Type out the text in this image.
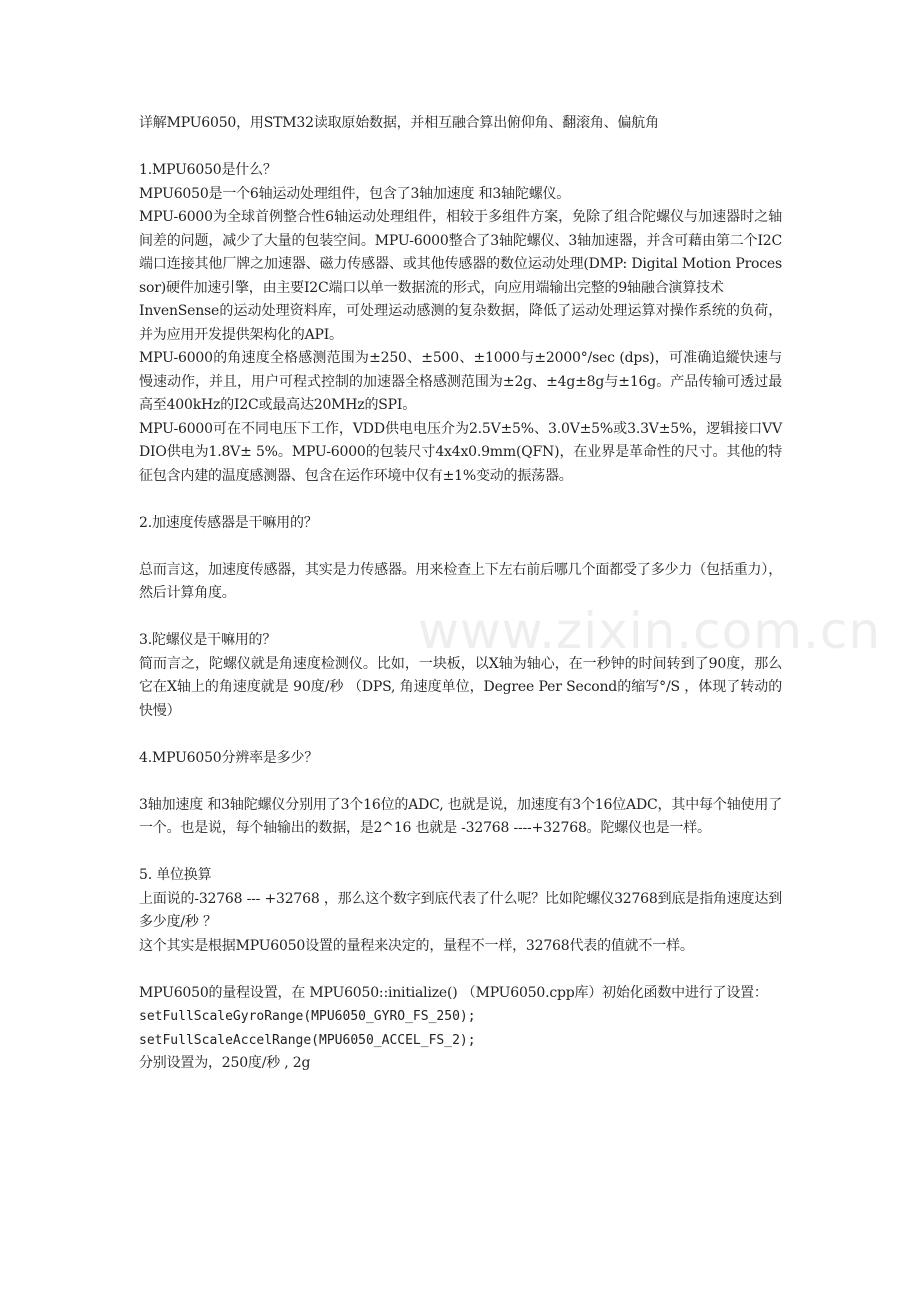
详解MPU6050，用STM32读取原始数据，并相互融合算出俯仰角、翻滚角、偏航角

1.MPU6050是什么？

MPU6050是一个6轴运动处理组件，包含了3轴加速度 和3轴陀螺仪。

MPU-6000为全球首例整合性6轴运动处理组件，相较于多组件方案，免除了组合陀螺仪与加速器时之轴间差的问题，减少了大量的包装空间。MPU-6000整合了3轴陀螺仪、3轴加速器，并含可藉由第二个I2C端口连接其他厂牌之加速器、磁力传感器、或其他传感器的数位运动处理(DMP: Digital Motion Processor)硬件加速引擎，由主要I2C端口以单一数据流的形式，向应用端输出完整的9轴融合演算技术

InvenSense的运动处理资料库，可处理运动感测的复杂数据，降低了运动处理运算对操作系统的负荷，并为应用开发提供架构化的API。

MPU-6000的角速度全格感测范围为±250、±500、±1000与±2000°/sec (dps)，可准确追縱快速与慢速动作，并且，用户可程式控制的加速器全格感测范围为±2g、±4g±8g与±16g。产品传输可透过最高至400kHz的I2C或最高达20MHz的SPI。

MPU-6000可在不同电压下工作，VDD供电电压介为2.5V±5%、3.0V±5%或3.3V±5%，逻辑接口VVDIO供电为1.8V± 5%。MPU-6000的包装尺寸4x4x0.9mm(QFN)，在业界是革命性的尺寸。其他的特征包含内建的温度感测器、包含在运作环境中仅有±1%变动的振荡器。

2.加速度传感器是干嘛用的？

总而言这，加速度传感器，其实是力传感器。用来检查上下左右前后哪几个面都受了多少力（包括重力），然后计算角度。

3.陀螺仪是干嘛用的？

简而言之，陀螺仪就是角速度检测仪。比如，一块板，以X轴为轴心，在一秒钟的时间转到了90度，那么它在X轴上的角速度就是 90度/秒 （DPS, 角速度单位，Degree Per Second的缩写°/S ，体现了转动的快慢）

4.MPU6050分辨率是多少？

3轴加速度 和3轴陀螺仪分别用了3个16位的ADC, 也就是说，加速度有3个16位ADC，其中每个轴使用了一个。也是说，每个轴输出的数据，是2^16 也就是 -32768 ----+32768。陀螺仪也是一样。

5. 单位换算

上面说的-32768 --- +32768 ，那么这个数字到底代表了什么呢？比如陀螺仪32768到底是指角速度达到多少度/秒 ？

这个其实是根据MPU6050设置的量程来决定的，量程不一样，32768代表的值就不一样。

MPU6050的量程设置，在 MPU6050::initialize() （MPU6050.cpp库）初始化函数中进行了设置：

setFullScaleGyroRange(MPU6050_GYRO_FS_250);

setFullScaleAccelRange(MPU6050_ACCEL_FS_2);

分别设置为，250度/秒 , 2g

www.zixin.com.cn
